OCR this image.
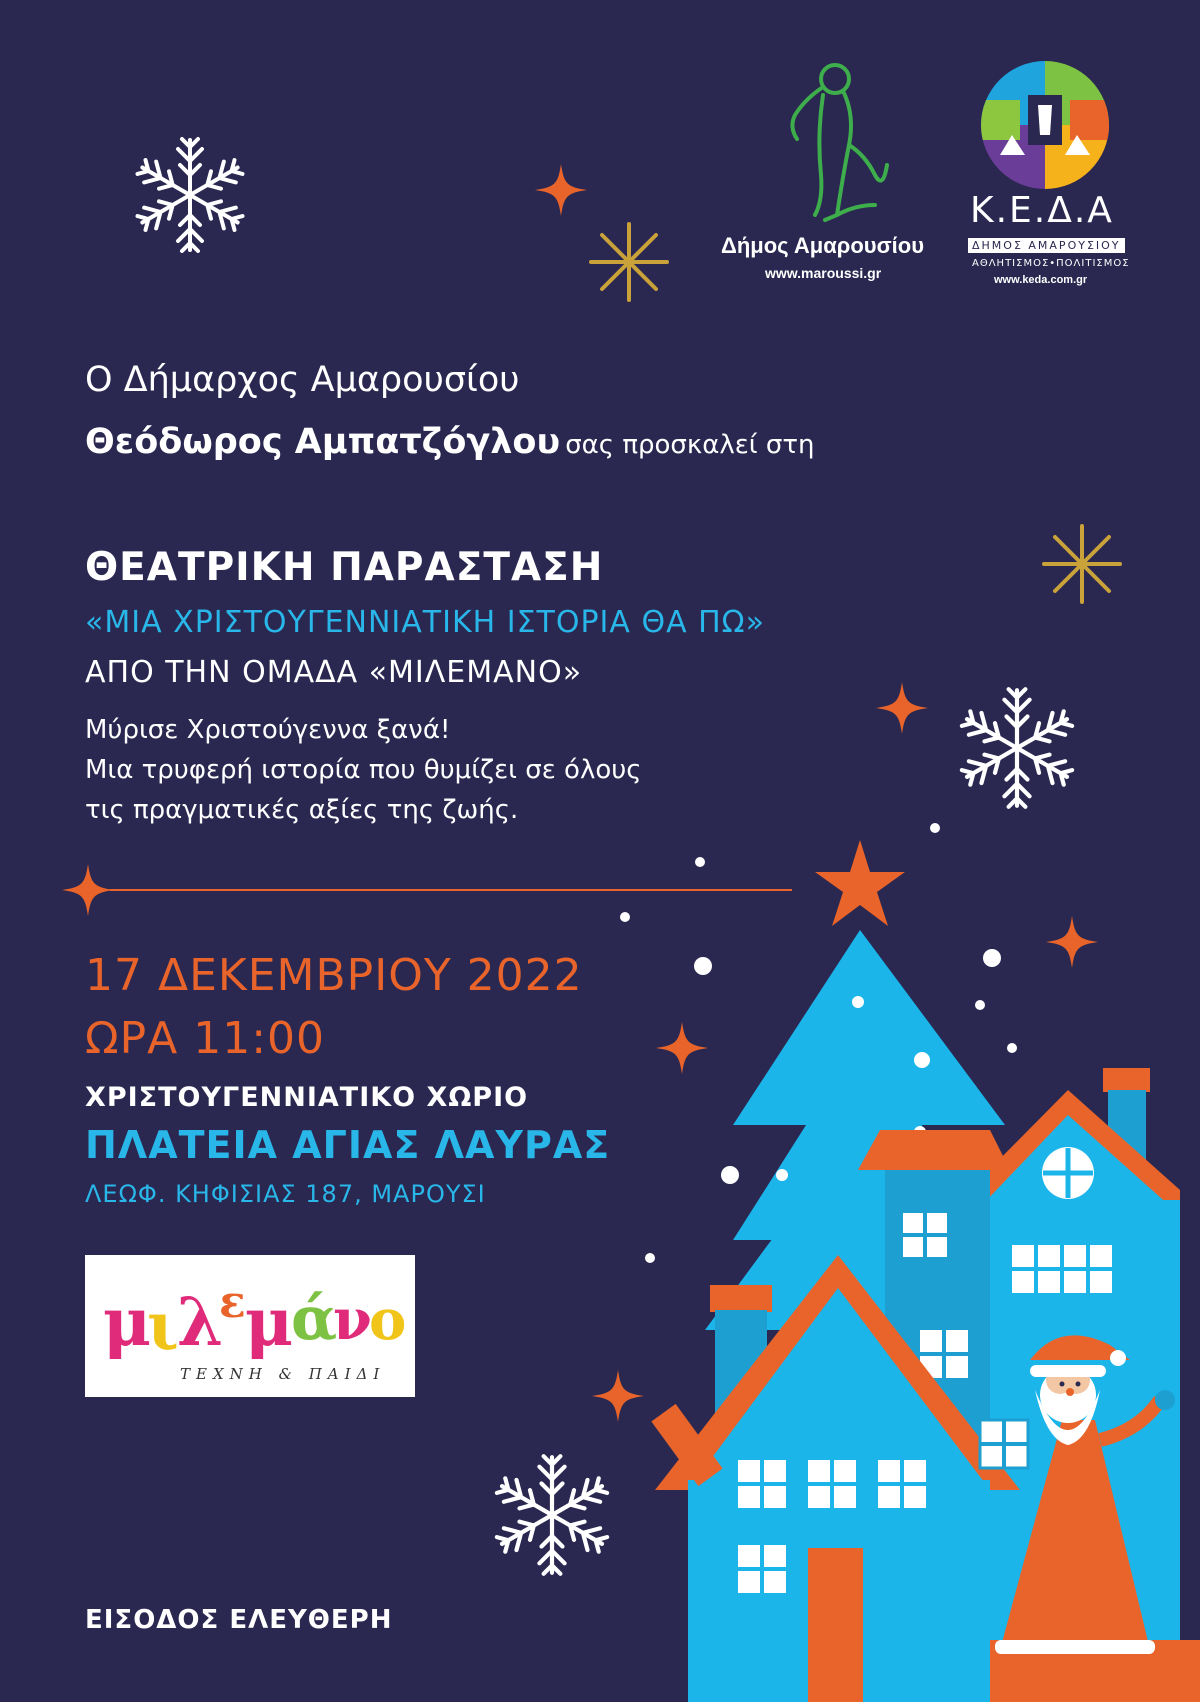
Δήμος Αμαρουσίου
www.maroussi.gr
Κ.Ε.Δ.Α
ΔΗΜΟΣ ΑΜΑΡΟΥΣΙΟΥ
ΑΘΛΗΤΙΣΜΟΣ•ΠΟΛΙΤΙΣΜΟΣ
www.keda.com.gr
Ο Δήμαρχος Αμαρουσίου
Θεόδωρος Αμπατζόγλου σας προσκαλεί στη
ΘΕΑΤΡΙΚΗ ΠΑΡΑΣΤΑΣΗ
«ΜΙΑ ΧΡΙΣΤΟΥΓΕΝΝΙΑΤΙΚΗ ΙΣΤΟΡΙΑ ΘΑ ΠΩ»
ΑΠΟ ΤΗΝ ΟΜΑΔΑ «ΜΙΛΕΜΑΝΟ»
Μύρισε Χριστούγεννα ξανά!
Μια τρυφερή ιστορία που θυμίζει σε όλους
τις πραγματικές αξίες της ζωής.
17 ΔΕΚΕΜΒΡΙΟΥ 2022
ΩΡΑ 11:00
ΧΡΙΣΤΟΥΓΕΝΝΙΑΤΙΚΟ ΧΩΡΙΟ
ΠΛΑΤΕΙΑ ΑΓΙΑΣ ΛΑΥΡΑΣ
ΛΕΩΦ. ΚΗΦΙΣΙΑΣ 187, ΜΑΡΟΥΣΙ
μ
ι
λ
ε μ
ά
ν
ο
ΤΕΧΝΗ & ΠΑΙΔΙ
ΕΙΣΟΔΟΣ ΕΛΕΥΘΕΡΗ
